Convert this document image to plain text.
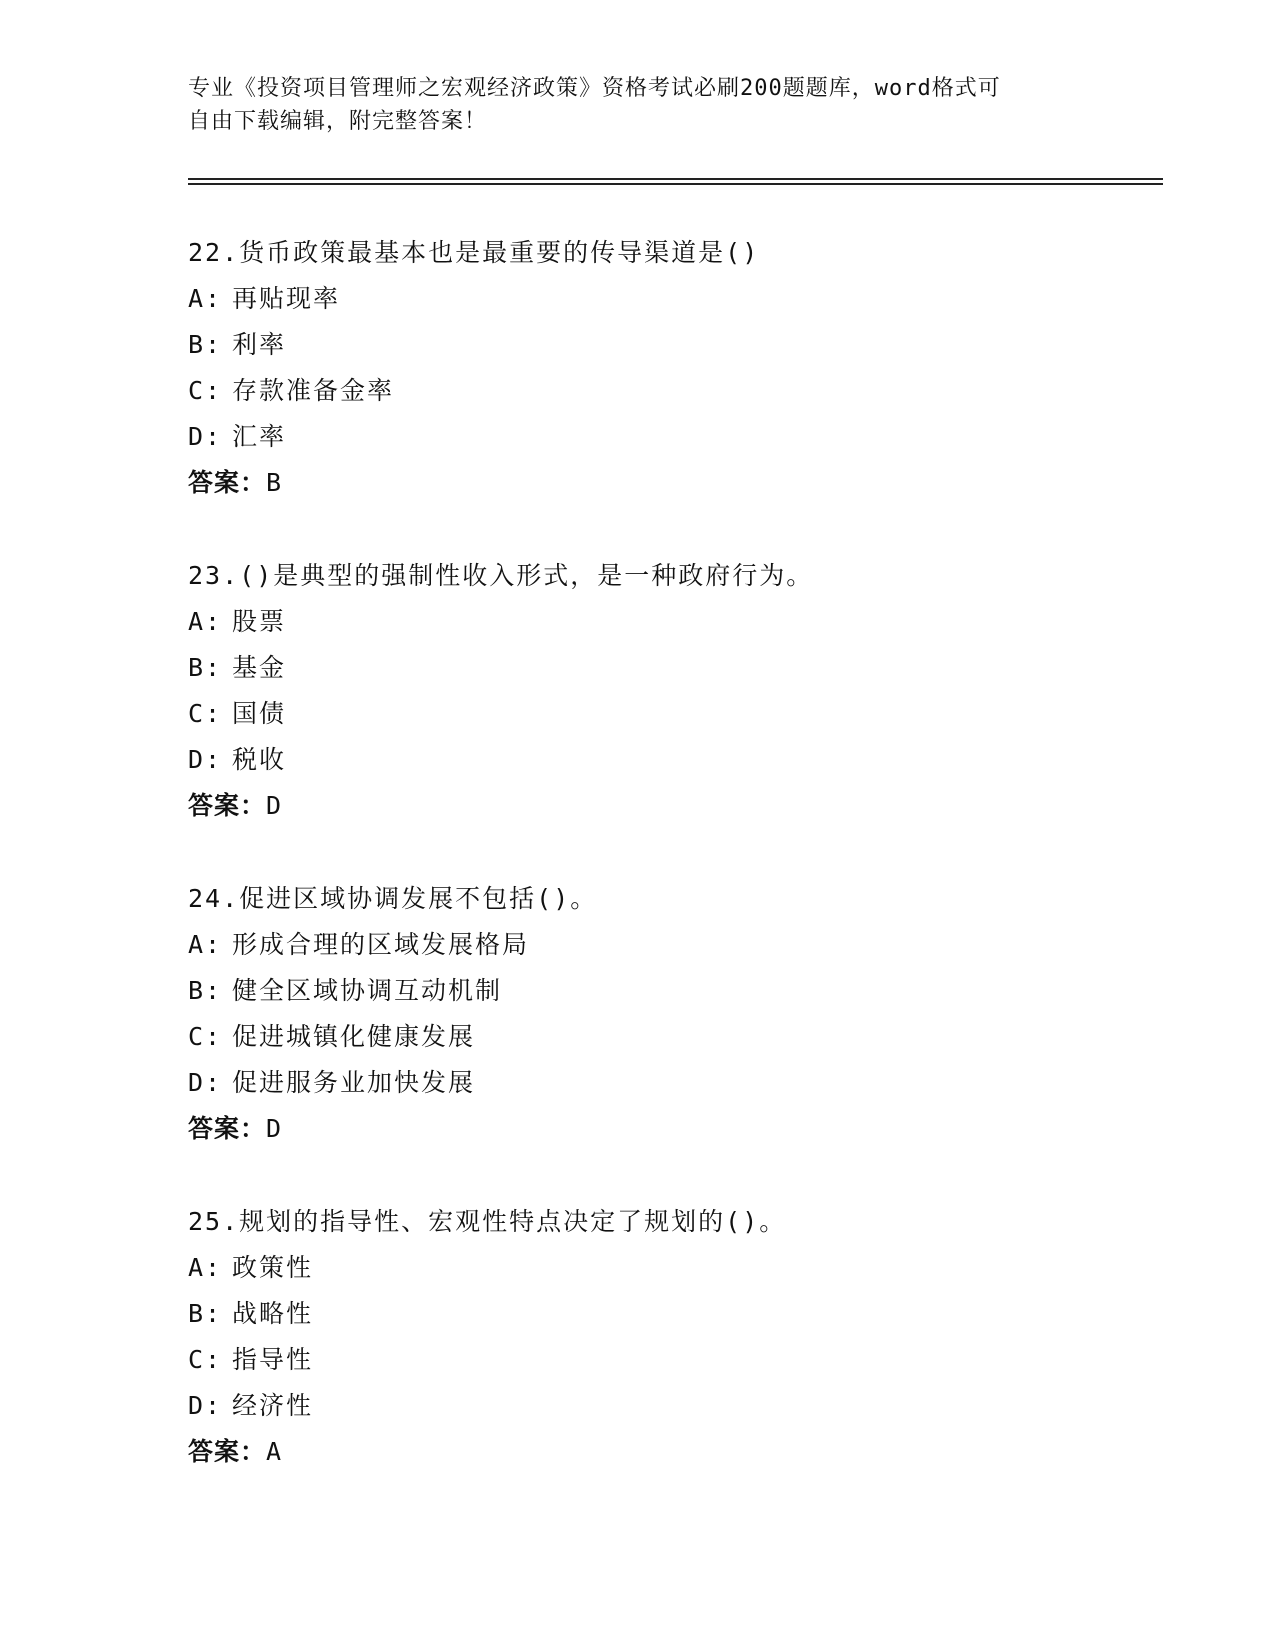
专业《投资项目管理师之宏观经济政策》资格考试必刷200题题库，word格式可
自由下载编辑，附完整答案！
22.货币政策最基本也是最重要的传导渠道是()
A: 再贴现率
B: 利率
C: 存款准备金率
D: 汇率
答案：B
23.()是典型的强制性收入形式，是一种政府行为。
A: 股票
B: 基金
C: 国债
D: 税收
答案：D
24.促进区域协调发展不包括()。
A: 形成合理的区域发展格局
B: 健全区域协调互动机制
C: 促进城镇化健康发展
D: 促进服务业加快发展
答案：D
25.规划的指导性、宏观性特点决定了规划的()。
A: 政策性
B: 战略性
C: 指导性
D: 经济性
答案：A
